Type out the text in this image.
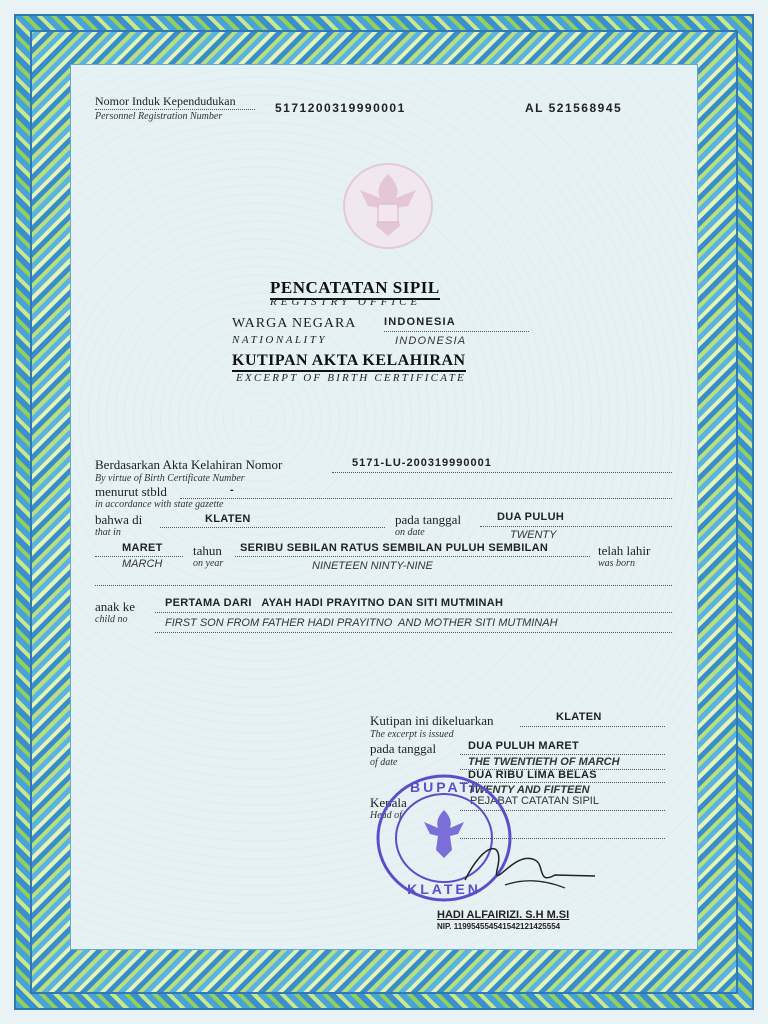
Nomor Induk Kependudukan
Personnel Registration Number
5171200319990001	AL 521568945
PENCATATAN SIPIL
REGISTRY OFFICE
WARGA NEGARA
NATIONALITY
INDONESIA
INDONESIA
KUTIPAN AKTA KELAHIRAN
EXCERPT OF BIRTH CERTIFICATE
Berdasarkan Akta Kelahiran Nomor
By virtue of Birth Certificate Number
5171-LU-200319990001
menurut stbld
in accordance with state gazette
-
bahwa di
that in
KLATEN	pada tanggal
on date
DUA PULUH
TWENTY
MARET
MARCH
tahun
on year
SERIBU SEBILAN RATUS SEMBILAN PULUH SEMBILAN
NINETEEN NINTY-NINE
telah lahir
was born
anak ke
child no
PERTAMA DARI   AYAH HADI PRAYITNO DAN SITI MUTMINAH
FIRST SON FROM FATHER HADI PRAYITNO  AND MOTHER SITI MUTMINAH
Kutipan ini dikeluarkan
The excerpt is issued
KLATEN
pada tanggal
of date
DUA PULUH MARET
THE TWENTIETH OF MARCH
DUA RIBU LIMA BELAS
TWENTY AND FIFTEEN
Kepala
Head of
PEJABAT CATATAN SIPIL
BUPATI
KLATEN
HADI ALFAIRIZI. S.H M.SI
NIP. 119954554541542121425554
